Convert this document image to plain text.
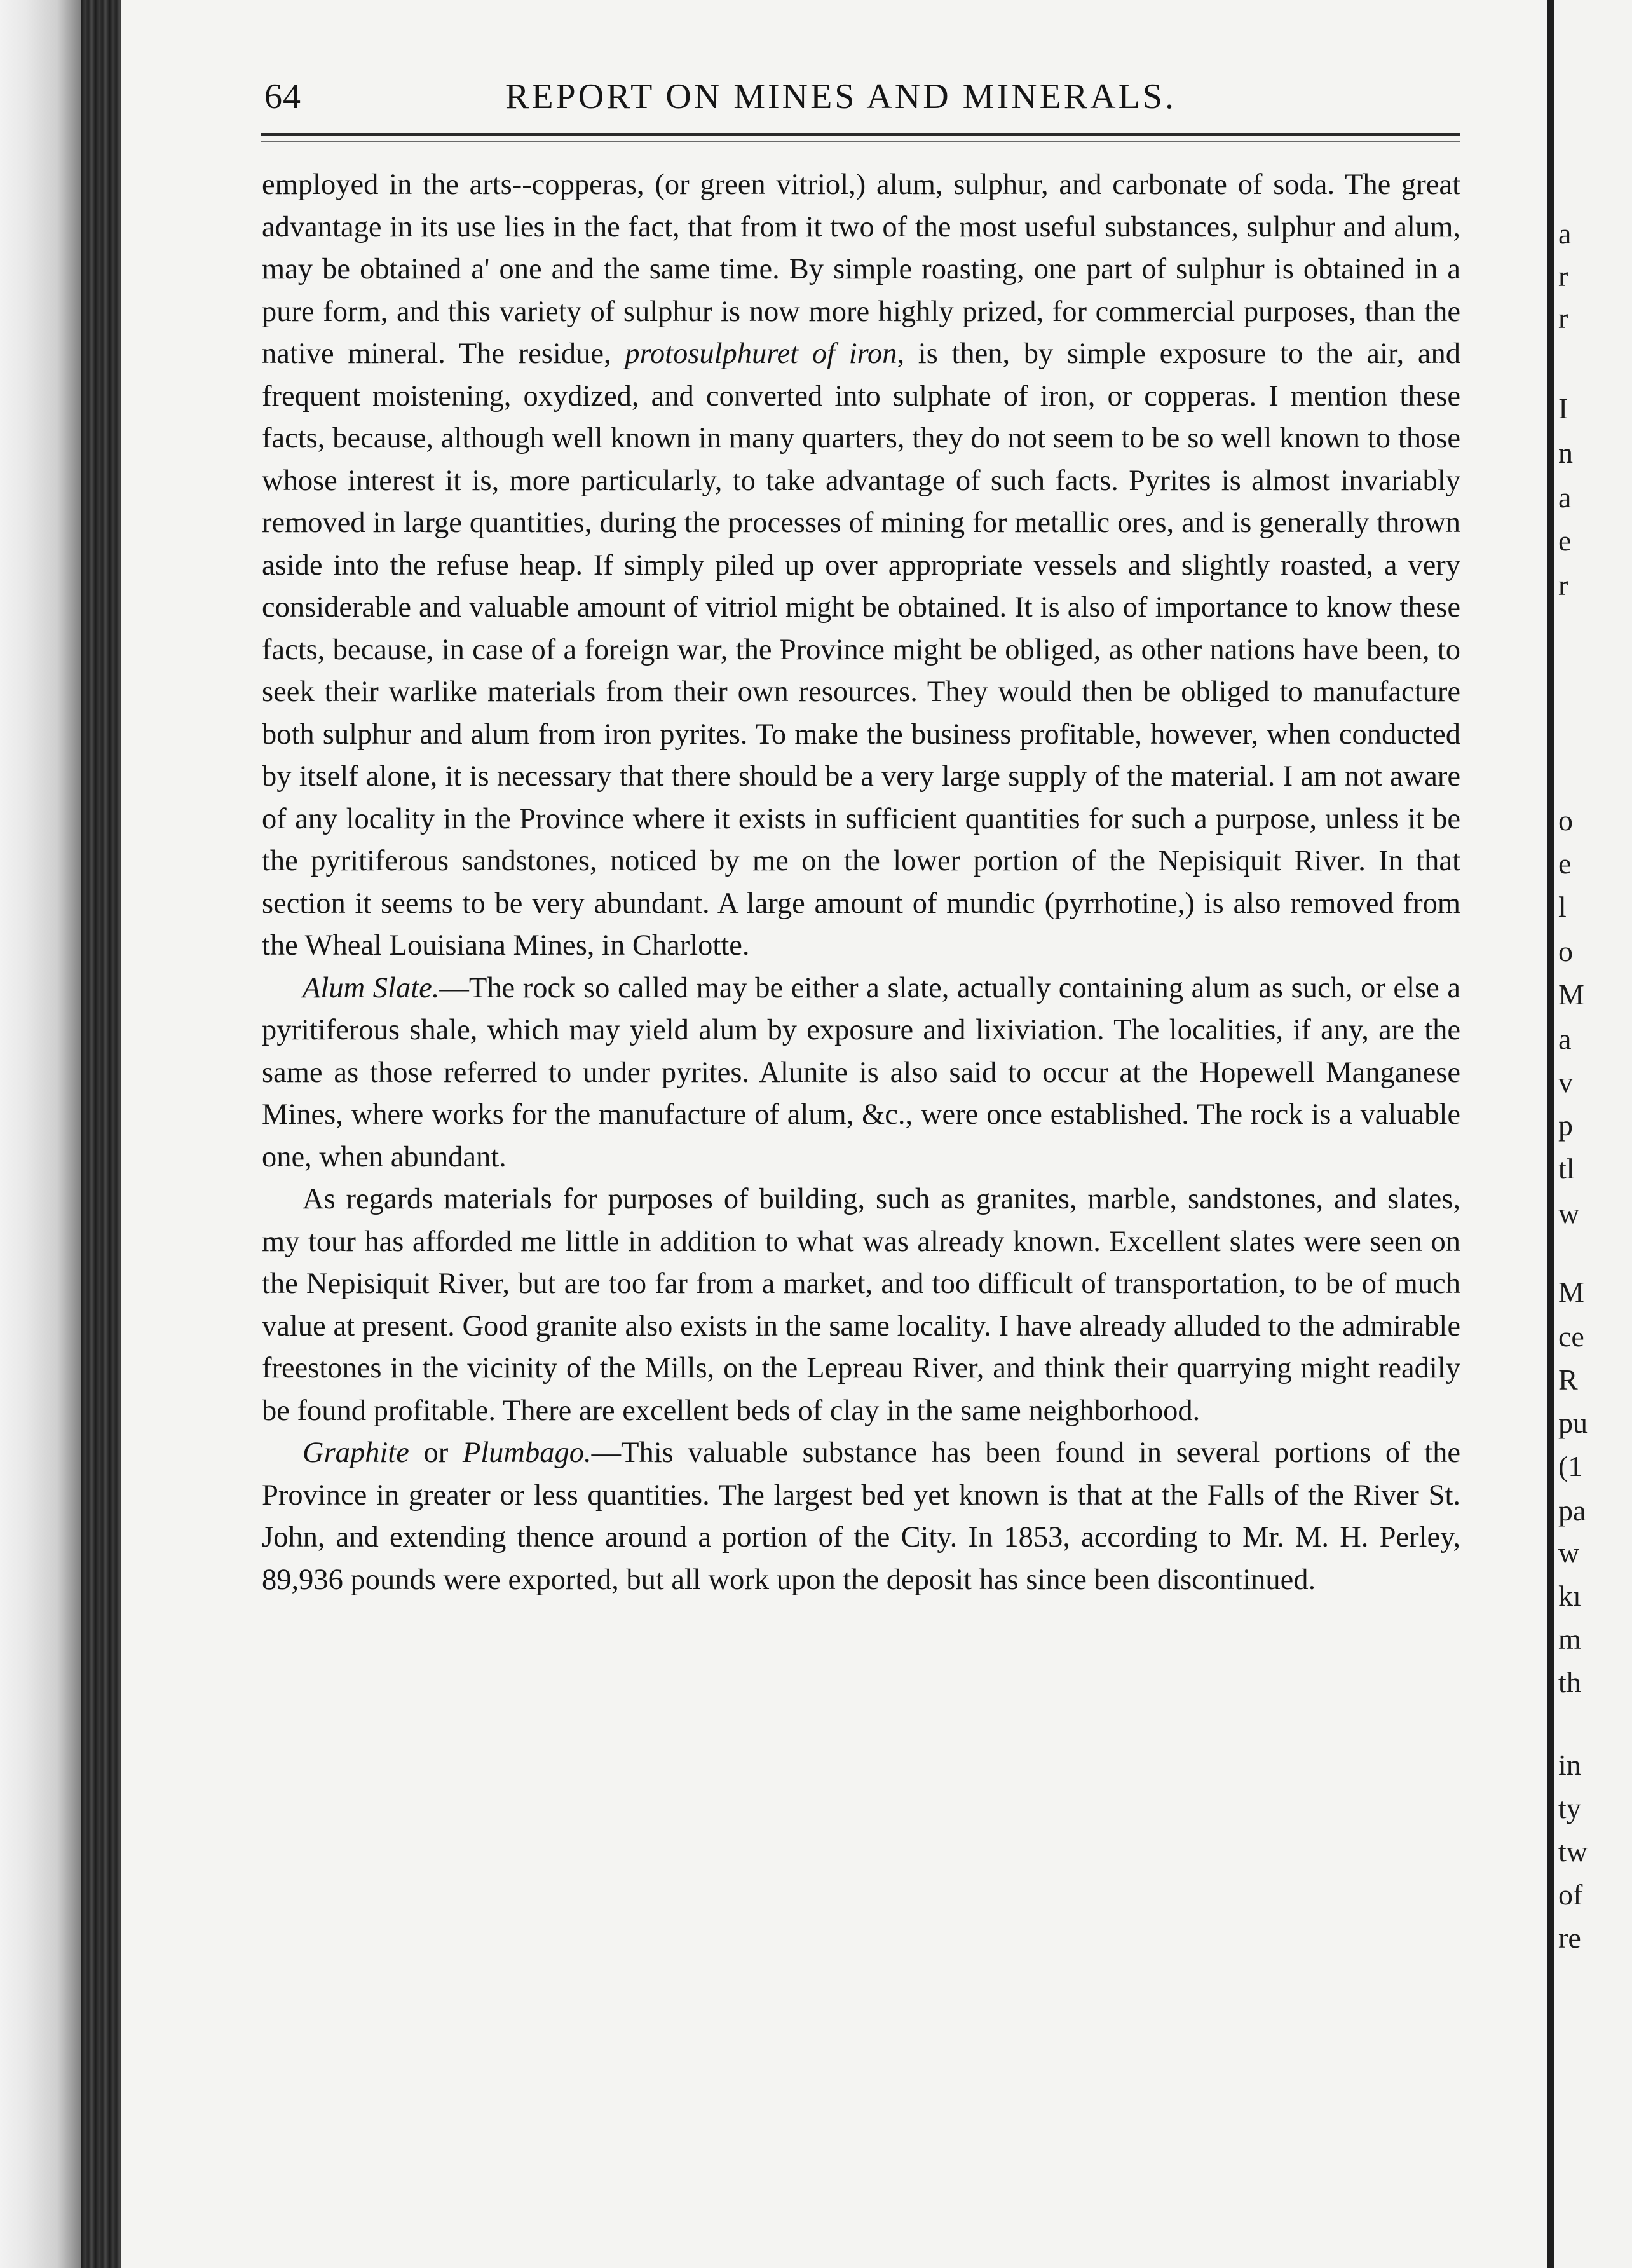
64	REPORT ON MINES AND MINERALS.

employed in the arts--copperas, (or green vitriol,) alum, sulphur, and carbonate of soda. The great advantage in its use lies in the fact, that from it two of the most useful substances, sulphur and alum, may be obtained a' one and the same time. By simple roasting, one part of sulphur is obtained in a pure form, and this variety of sulphur is now more highly prized, for commercial purposes, than the native mineral. The residue, protosulphuret of iron, is then, by simple exposure to the air, and frequent moistening, oxydized, and converted into sulphate of iron, or copperas. I mention these facts, because, although well known in many quarters, they do not seem to be so well known to those whose interest it is, more particularly, to take advantage of such facts. Pyrites is almost invariably removed in large quantities, during the processes of mining for metallic ores, and is generally thrown aside into the refuse heap. If simply piled up over appropriate vessels and slightly roasted, a very considerable and valuable amount of vitriol might be obtained. It is also of importance to know these facts, because, in case of a foreign war, the Province might be obliged, as other nations have been, to seek their warlike materials from their own resources. They would then be obliged to manufacture both sulphur and alum from iron pyrites. To make the business profitable, however, when conducted by itself alone, it is necessary that there should be a very large supply of the material. I am not aware of any locality in the Province where it exists in sufficient quantities for such a purpose, unless it be the pyritiferous sandstones, noticed by me on the lower portion of the Nepisiquit River. In that section it seems to be very abundant. A large amount of mundic (pyrrhotine,) is also removed from the Wheal Louisiana Mines, in Charlotte.

Alum Slate.—The rock so called may be either a slate, actually containing alum as such, or else a pyritiferous shale, which may yield alum by exposure and lixiviation. The localities, if any, are the same as those referred to under pyrites. Alunite is also said to occur at the Hopewell Manganese Mines, where works for the manufacture of alum, &c., were once established. The rock is a valuable one, when abundant.

As regards materials for purposes of building, such as granites, marble, sandstones, and slates, my tour has afforded me little in addition to what was already known. Excellent slates were seen on the Nepisiquit River, but are too far from a market, and too difficult of transportation, to be of much value at present. Good granite also exists in the same locality. I have already alluded to the admirable freestones in the vicinity of the Mills, on the Lepreau River, and think their quarrying might readily be found profitable. There are excellent beds of clay in the same neighborhood.

Graphite or Plumbago.—This valuable substance has been found in several portions of the Province in greater or less quantities. The largest bed yet known is that at the Falls of the River St. John, and extending thence around a portion of the City. In 1853, according to Mr. M. H. Perley, 89,936 pounds were exported, but all work upon the deposit has since been discontinued.

a
r
r
I
n
a
e
r
o
e
l
o
M
a
v
p
tl
w
M
ce
R
pu
(1
pa
w
kı
m
th
in
ty
tw
of
re
